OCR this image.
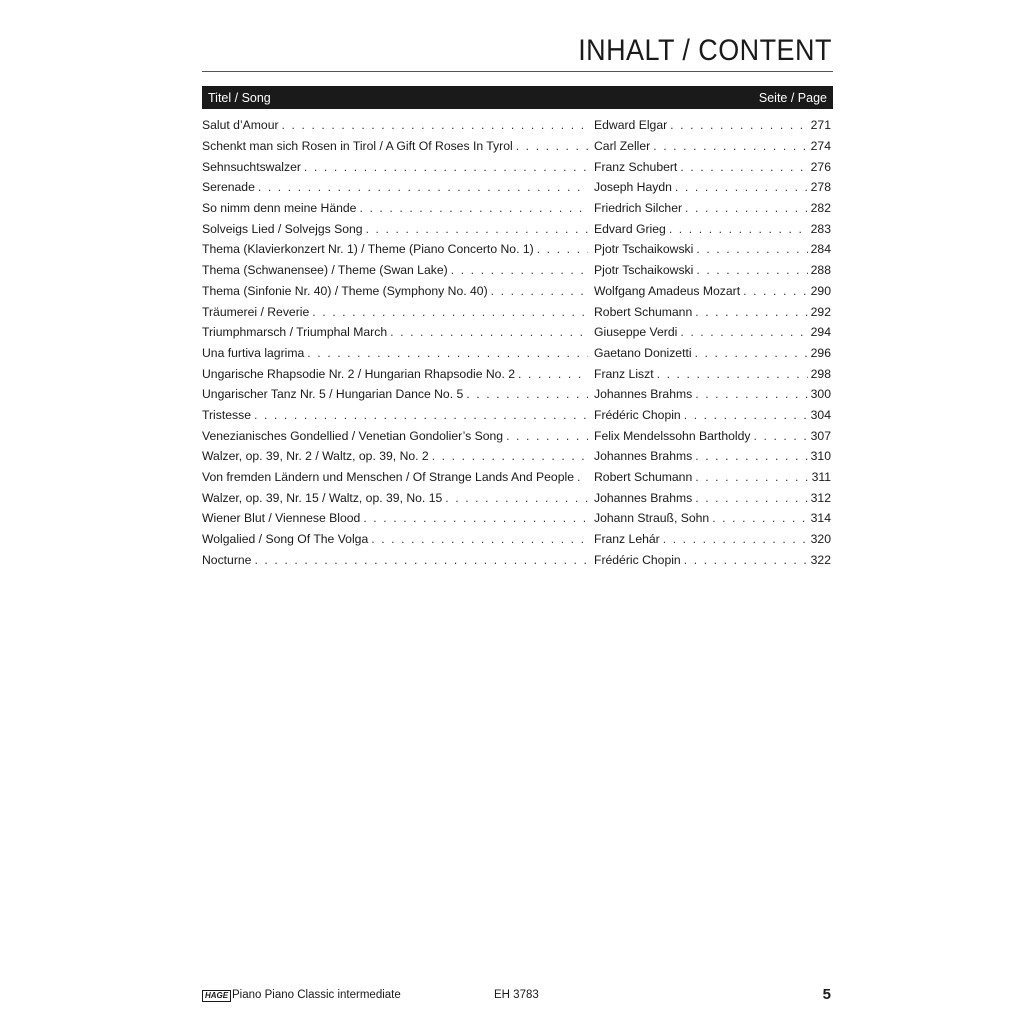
INHALT / CONTENT
Titel / Song	Seite / Page
Salut d’Amour . . .	Edward Elgar . . .	271
Schenkt man sich Rosen in Tirol / A Gift Of Roses In Tyrol . . .	Carl Zeller . . .	274
Sehnsuchtswalzer . . .	Franz Schubert . . .	276
Serenade . . .	Joseph Haydn . . .	278
So nimm denn meine Hände . . .	Friedrich Silcher . . .	282
Solveigs Lied / Solvejgs Song . . .	Edvard Grieg . . .	283
Thema (Klavierkonzert Nr. 1) / Theme (Piano Concerto No. 1) . . .	Pjotr Tschaikowski . . .	284
Thema (Schwanensee) / Theme (Swan Lake) . . .	Pjotr Tschaikowski . . .	288
Thema (Sinfonie Nr. 40) / Theme (Symphony No. 40) . . .	Wolfgang Amadeus Mozart . . .	290
Träumerei / Reverie . . .	Robert Schumann . . .	292
Triumphmarsch / Triumphal March . . .	Giuseppe Verdi . . .	294
Una furtiva lagrima . . .	Gaetano Donizetti . . .	296
Ungarische Rhapsodie Nr. 2 / Hungarian Rhapsodie No. 2 . . .	Franz Liszt . . .	298
Ungarischer Tanz Nr. 5 / Hungarian Dance No. 5 . . .	Johannes Brahms . . .	300
Tristesse . . .	Frédéric Chopin . . .	304
Venezianisches Gondellied / Venetian Gondolier’s Song . . .	Felix Mendelssohn Bartholdy . . .	307
Walzer, op. 39, Nr. 2 / Waltz, op. 39, No. 2 . . .	Johannes Brahms . . .	310
Von fremden Ländern und Menschen / Of Strange Lands And People . . .	Robert Schumann . . .	311
Walzer, op. 39, Nr. 15 / Waltz, op. 39, No. 15 . . .	Johannes Brahms . . .	312
Wiener Blut / Viennese Blood . . .	Johann Strauß, Sohn . . .	314
Wolgalied / Song Of The Volga . . .	Franz Lehár . . .	320
Nocturne . . .	Frédéric Chopin . . .	322
HAGE Piano Piano Classic intermediate	EH 3783	5
